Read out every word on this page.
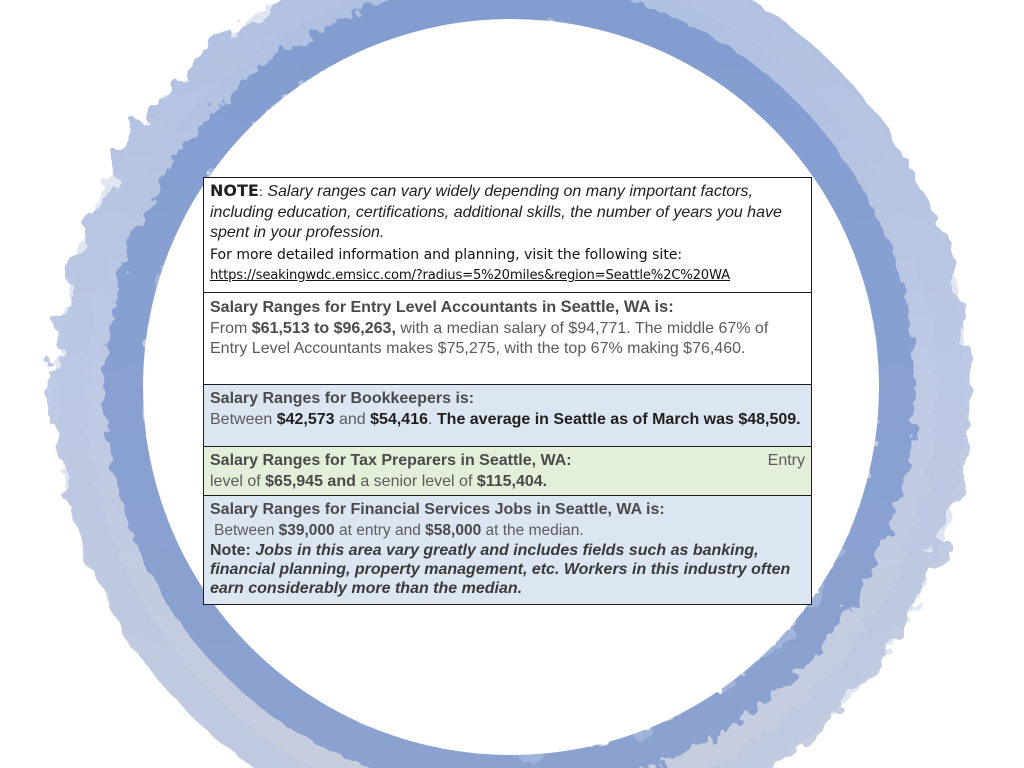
NOTE: Salary ranges can vary widely depending on many important factors, including education, certifications, additional skills, the number of years you have spent in your profession.
For more detailed information and planning, visit the following site:
https://seakingwdc.emsicc.com/?radius=5%20miles&region=Seattle%2C%20WA
Salary Ranges for Entry Level Accountants in Seattle, WA is:
From $61,513 to $96,263, with a median salary of $94,771. The middle 67% of Entry Level Accountants makes $75,275, with the top 67% making $76,460.
Salary Ranges for Bookkeepers is:
Between $42,573 and $54,416. The average in Seattle as of March was $48,509.
Salary Ranges for Tax Preparers in Seattle, WA:	Entry
level of $65,945 and a senior level of $115,404.
Salary Ranges for Financial Services Jobs in Seattle, WA is:
Between $39,000 at entry and $58,000 at the median.
Note: Jobs in this area vary greatly and includes fields such as banking, financial planning, property management, etc. Workers in this industry often earn considerably more than the median.
